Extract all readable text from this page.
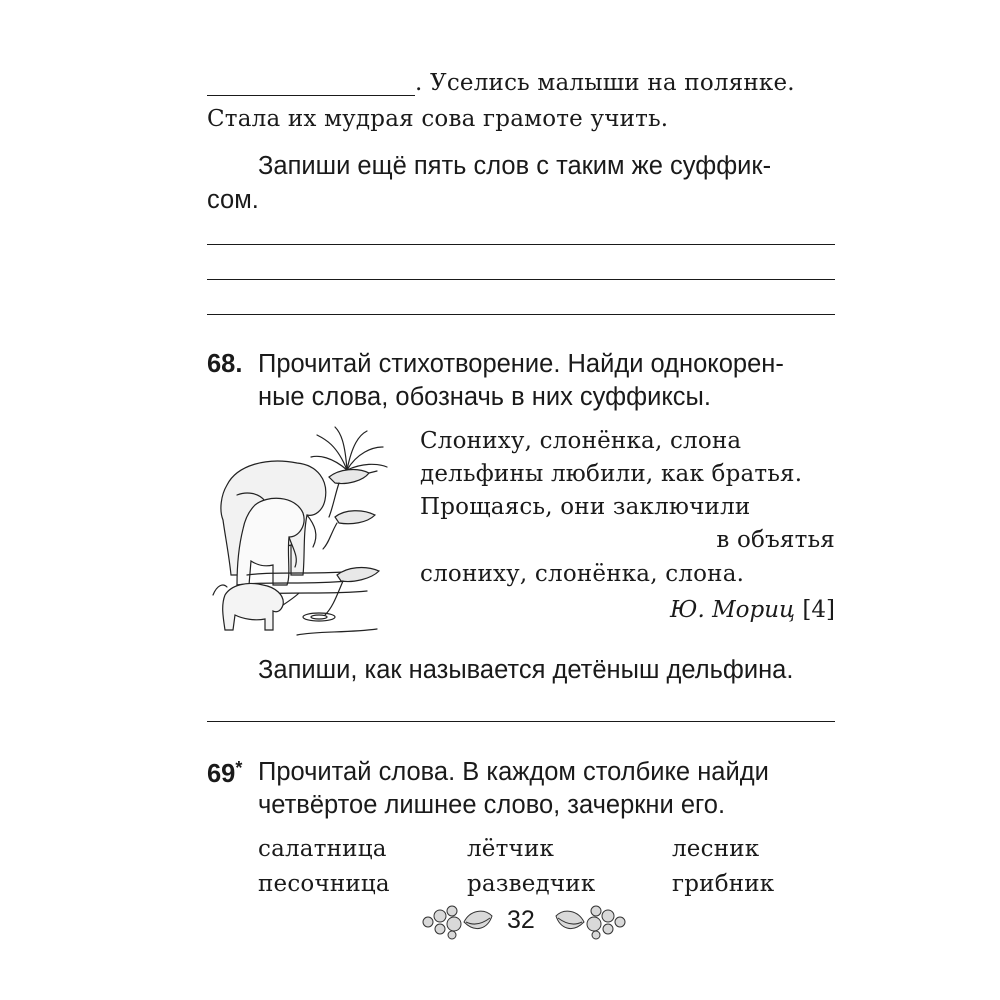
. Уселись малыши на полянке.
Стала их мудрая сова грамоте учить.
Запиши ещё пять слов с таким же суффик-
сом.
68. Прочитай стихотворение. Найди однокорен-
ные слова, обозначь в них суффиксы.
Слониху, слонёнка, слона
дельфины любили, как братья.
Прощаясь, они заключили
в объятья
слониху, слонёнка, слона.
Ю. Мориц [4]
Запиши, как называется детёныш дельфина.
69* Прочитай слова. В каждом столбике найди
четвёртое лишнее слово, зачеркни его.
салатница
песочница
лётчик
разведчик
лесник
грибник
32
